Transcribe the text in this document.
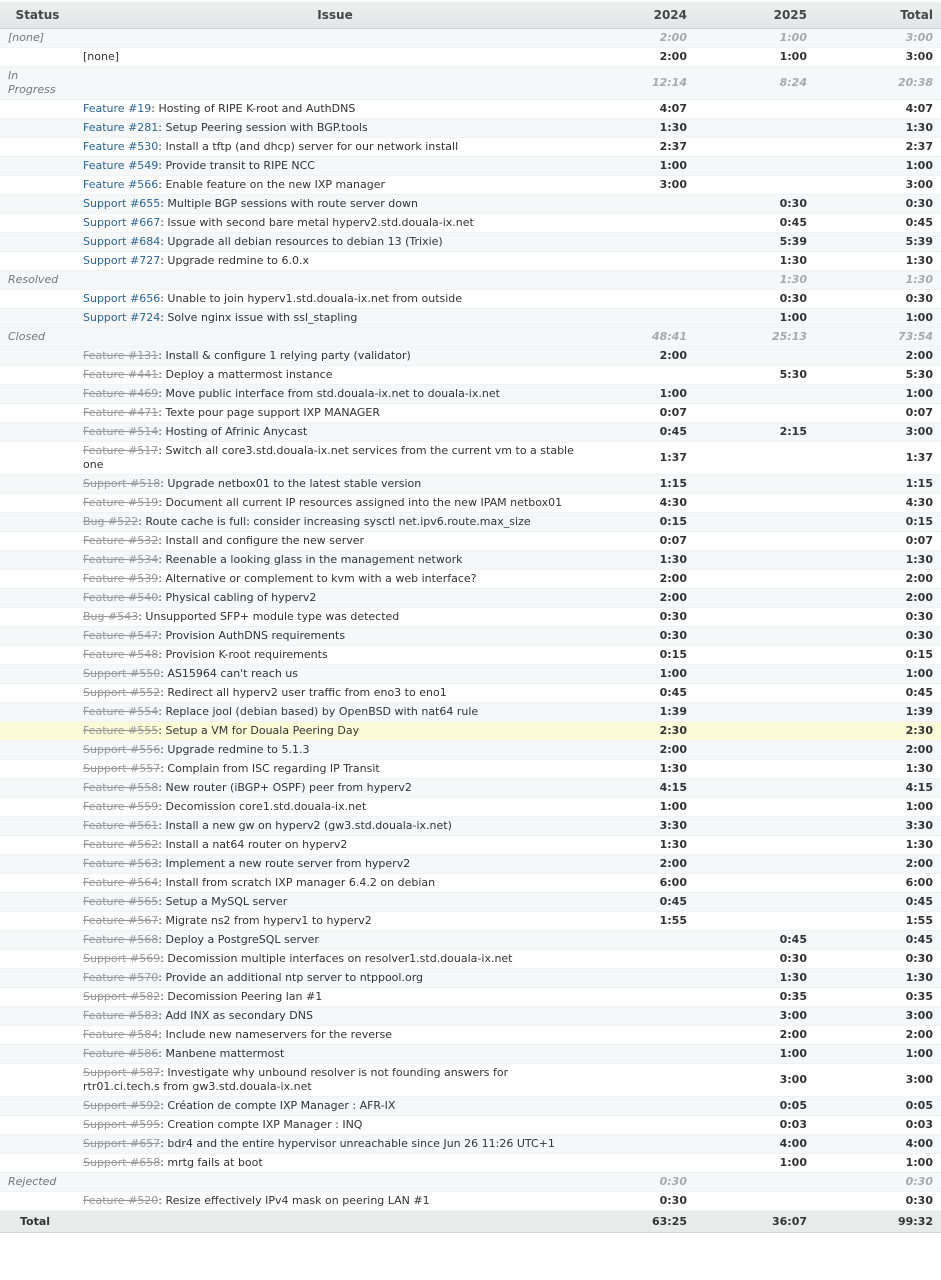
Status	Issue	2024	2025	Total
[none]		2:00	1:00	3:00
	[none]	2:00	1:00	3:00
In Progress		12:14	8:24	20:38
	Feature #19: Hosting of RIPE K-root and AuthDNS	4:07		4:07
	Feature #281: Setup Peering session with BGP.tools	1:30		1:30
	Feature #530: Install a tftp (and dhcp) server for our network install	2:37		2:37
	Feature #549: Provide transit to RIPE NCC	1:00		1:00
	Feature #566: Enable feature on the new IXP manager	3:00		3:00
	Support #655: Multiple BGP sessions with route server down		0:30	0:30
	Support #667: Issue with second bare metal hyperv2.std.douala-ix.net		0:45	0:45
	Support #684: Upgrade all debian resources to debian 13 (Trixie)		5:39	5:39
	Support #727: Upgrade redmine to 6.0.x		1:30	1:30
Resolved			1:30	1:30
	Support #656: Unable to join hyperv1.std.douala-ix.net from outside		0:30	0:30
	Support #724: Solve nginx issue with ssl_stapling		1:00	1:00
Closed		48:41	25:13	73:54
	Feature #131: Install & configure 1 relying party (validator)	2:00		2:00
	Feature #441: Deploy a mattermost instance		5:30	5:30
	Feature #469: Move public interface from std.douala-ix.net to douala-ix.net	1:00		1:00
	Feature #471: Texte pour page support IXP MANAGER	0:07		0:07
	Feature #514: Hosting of Afrinic Anycast	0:45	2:15	3:00
	Feature #517: Switch all core3.std.douala-ix.net services from the current vm to a stable one	1:37		1:37
	Support #518: Upgrade netbox01 to the latest stable version	1:15		1:15
	Feature #519: Document all current IP resources assigned into the new IPAM netbox01	4:30		4:30
	Bug #522: Route cache is full: consider increasing sysctl net.ipv6.route.max_size	0:15		0:15
	Feature #532: Install and configure the new server	0:07		0:07
	Feature #534: Reenable a looking glass in the management network	1:30		1:30
	Feature #539: Alternative or complement to kvm with a web interface?	2:00		2:00
	Feature #540: Physical cabling of hyperv2	2:00		2:00
	Bug #543: Unsupported SFP+ module type was detected	0:30		0:30
	Feature #547: Provision AuthDNS requirements	0:30		0:30
	Feature #548: Provision K-root requirements	0:15		0:15
	Support #550: AS15964 can't reach us	1:00		1:00
	Support #552: Redirect all hyperv2 user traffic from eno3 to eno1	0:45		0:45
	Feature #554: Replace jool (debian based) by OpenBSD with nat64 rule	1:39		1:39
	Feature #555: Setup a VM for Douala Peering Day	2:30		2:30
	Support #556: Upgrade redmine to 5.1.3	2:00		2:00
	Support #557: Complain from ISC regarding IP Transit	1:30		1:30
	Feature #558: New router (iBGP+ OSPF) peer from hyperv2	4:15		4:15
	Feature #559: Decomission core1.std.douala-ix.net	1:00		1:00
	Feature #561: Install a new gw on hyperv2 (gw3.std.douala-ix.net)	3:30		3:30
	Feature #562: Install a nat64 router on hyperv2	1:30		1:30
	Feature #563: Implement a new route server from hyperv2	2:00		2:00
	Feature #564: Install from scratch IXP manager 6.4.2 on debian	6:00		6:00
	Feature #565: Setup a MySQL server	0:45		0:45
	Feature #567: Migrate ns2 from hyperv1 to hyperv2	1:55		1:55
	Feature #568: Deploy a PostgreSQL server		0:45	0:45
	Support #569: Decomission multiple interfaces on resolver1.std.douala-ix.net		0:30	0:30
	Feature #570: Provide an additional ntp server to ntppool.org		1:30	1:30
	Support #582: Decomission Peering lan #1		0:35	0:35
	Feature #583: Add INX as secondary DNS		3:00	3:00
	Feature #584: Include new nameservers for the reverse		2:00	2:00
	Feature #586: Manbene mattermost		1:00	1:00
	Support #587: Investigate why unbound resolver is not founding answers for rtr01.ci.tech.s from gw3.std.douala-ix.net		3:00	3:00
	Support #592: Création de compte IXP Manager : AFR-IX		0:05	0:05
	Support #595: Creation compte IXP Manager : INQ		0:03	0:03
	Support #657: bdr4 and the entire hypervisor unreachable since Jun 26 11:26 UTC+1		4:00	4:00
	Support #658: mrtg fails at boot		1:00	1:00
Rejected		0:30		0:30
	Feature #520: Resize effectively IPv4 mask on peering LAN #1	0:30		0:30
Total		63:25	36:07	99:32
